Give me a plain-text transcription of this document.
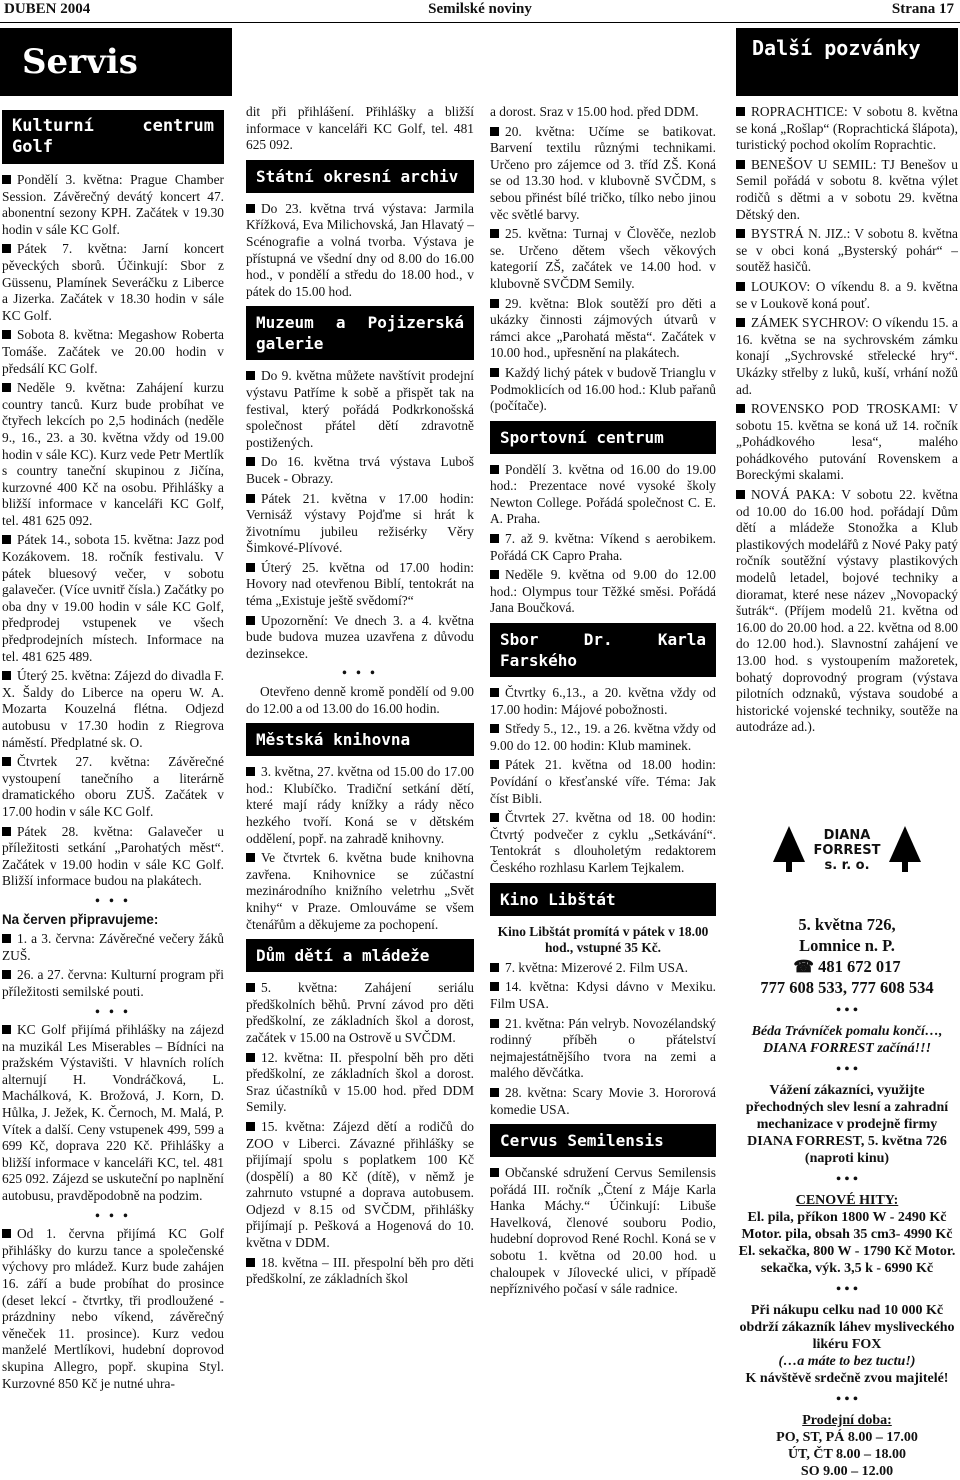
DUBEN 2004	Semilské noviny	Strana 17
Servis	Další pozvánky
Kulturní centrum Golf

Pondělí 3. května: Prague Chamber Session. Závěrečný devátý koncert 47. abonentní sezony KPH. Začátek v 19.30 hodin v sále KC Golf.

Pátek 7. května: Jarní koncert pěveckých sborů. Účinkují: Sbor z Güssenu, Plamínek Severáčku z Liberce a Jizerka. Začátek v 18.30 hodin v sále KC Golf.

Sobota 8. května: Megashow Roberta Tomáše. Začátek ve 20.00 hodin v předsálí KC Golf.

Neděle 9. května: Zahájení kurzu country tanců. Kurz bude probíhat ve čtyřech lekcích po 2,5 hodinách (neděle 9., 16., 23. a 30. května vždy od 19.00 hodin v sále KC). Kurz vede Petr Mertlík s country taneční skupinou z Jičína, kurzovné 400 Kč na osobu. Přihlášky a bližší informace v kanceláři KC Golf, tel. 481 625 092.

Pátek 14., sobota 15. května: Jazz pod Kozákovem. 18. ročník festivalu. V pátek bluesový večer, v sobotu galavečer. (Více uvnitř čísla.) Začátky po oba dny v 19.00 hodin v sále KC Golf, předprodej vstupenek ve všech předprodejních místech. Informace na tel. 481 625 489.

Úterý 25. května: Zájezd do divadla F. X. Šaldy do Liberce na operu W. A. Mozarta Kouzelná flétna. Odjezd autobusu v 17.30 hodin z Riegrova náměstí. Předplatné sk. O.

Čtvrtek 27. května: Závěrečné vystoupení tanečního a literárně dramatického oboru ZUŠ. Začátek v 17.00 hodin v sále KC Golf.

Pátek 28. května: Galavečer u příležitosti setkání „Parohatých měst“. Začátek v 19.00 hodin v sále KC Golf. Bližší informace budou na plakátech.

• • •

Na červen připravujeme:

1. a 3. června: Závěrečné večery žáků ZUŠ.

26. a 27. června: Kulturní program při příležitosti semilské pouti.

• • •

KC Golf přijímá přihlášky na zájezd na muzikál Les Miserables – Bídníci na pražském Výstavišti. V hlavních rolích alternují H. Vondráčková, L. Machálková, K. Brožová, J. Korn, D. Hůlka, J. Ježek, K. Černoch, M. Malá, P. Vítek a další. Ceny vstupenek 499, 599 a 699 Kč, doprava 220 Kč. Přihlášky a bližší informace v kanceláři KC, tel. 481 625 092. Zájezd se uskuteční po naplnění autobusu, pravděpodobně na podzim.

• • •

Od 1. června přijímá KC Golf přihlášky do kurzu tance a společenské výchovy pro mládež. Kurz bude zahájen 16. září a bude probíhat do prosince (deset lekcí - čtvrtky, tři prodloužené - prázdniny nebo víkend, závěrečný věneček 11. prosince). Kurz vedou manželé Mertlíkovi, hudební doprovod skupina Allegro, popř. skupina Styl. Kurzovné 850 Kč je nutné uhra-

dit při přihlášení. Přihlášky a bližší informace v kanceláři KC Golf, tel. 481 625 092.

Státní okresní archiv

Do 23. května trvá výstava: Jarmila Křížková, Eva Milichovská, Jan Hlavatý – Scénografie a volná tvorba. Výstava je přístupná ve všední dny od 8.00 do 16.00 hod., v pondělí a středu do 18.00 hod., v pátek do 15.00 hod.

Muzeum a Pojizerská galerie

Do 9. května můžete navštívit prodejní výstavu Patříme k sobě a přispět tak na festival, který pořádá Podkrkonošská společnost přátel dětí zdravotně postižených.

Do 16. května trvá výstava Luboš Bucek - Obrazy.

Pátek 21. května v 17.00 hodin: Vernisáž výstavy Pojďme si hrát k životnímu jubileu režisérky Věry Šimkové-Plívové.

Úterý 25. května od 17.00 hodin: Hovory nad otevřenou Biblí, tentokrát na téma „Existuje ještě svědomí?“

Upozornění: Ve dnech 3. a 4. května bude budova muzea uzavřena z důvodu dezinsekce.

• • •

Otevřeno denně kromě pondělí od 9.00 do 12.00 a od 13.00 do 16.00 hodin.

Městská knihovna

3. května, 27. května od 15.00 do 17.00 hod.: Klubíčko. Tradiční setkání dětí, které mají rády knížky a rády něco hezkého tvoří. Koná se v dětském oddělení, popř. na zahradě knihovny.

Ve čtvrtek 6. května bude knihovna zavřena. Knihovnice se zúčastní mezinárodního knižního veletrhu „Svět knihy“ v Praze. Omlouváme se všem čtenářům a děkujeme za pochopení.

Dům dětí a mládeže

5. května: Zahájení seriálu předškolních běhů. První závod pro děti předškolní, ze základních škol a dorost, začátek v 15.00 na Ostrově u SVČDM.

12. května: II. přespolní běh pro děti předškolní, ze základních škol a dorost. Sraz účastníků v 15.00 hod. před DDM Semily.

15. května: Zájezd dětí a rodičů do ZOO v Liberci. Závazné přihlášky se přijímají spolu s poplatkem 100 Kč (dospělí) a 80 Kč (dítě), v němž je zahrnuto vstupné a doprava autobusem. Odjezd v 8.15 od SVČDM, přihlášky přijímají p. Pešková a Hogenová do 10. května v DDM.

18. května – III. přespolní běh pro děti předškolní, ze základních škol

a dorost. Sraz v 15.00 hod. před DDM.

20. května: Učíme se batikovat. Barvení textilu různými technikami. Určeno pro zájemce od 3. tříd ZŠ. Koná se od 13.30 hod. v klubovně SVČDM, s sebou přinést bílé tričko, tílko nebo jinou věc světlé barvy.

25. května: Turnaj v Člověče, nezlob se. Určeno dětem všech věkových kategorií ZŠ, začátek ve 14.00 hod. v klubovně SVČDM Semily.

29. května: Blok soutěží pro děti a ukázky činnosti zájmových útvarů v rámci akce „Parohatá města“. Začátek v 10.00 hod., upřesnění na plakátech.

Každý lichý pátek v budově Trianglu v Podmoklicích od 16.00 hod.: Klub pařanů (počítače).

Sportovní centrum

Pondělí 3. května od 16.00 do 19.00 hod.: Prezentace nové vysoké školy Newton College. Pořádá společnost C. E. A. Praha.

7. až 9. května: Víkend s aerobikem. Pořádá CK Capro Praha.

Neděle 9. května od 9.00 do 12.00 hod.: Olympus tour Těžké směsi. Pořádá Jana Boučková.

Sbor Dr. Karla Farského

Čtvrtky 6.,13., a 20. května vždy od 17.00 hodin: Májové pobožnosti.

Středy 5., 12., 19. a 26. května vždy od 9.00 do 12. 00 hodin: Klub maminek.

Pátek 21. května od 18.00 hodin: Povídání o křesťanské víře. Téma: Jak číst Bibli.

Čtvrtek 27. května od 18. 00 hodin: Čtvrtý podvečer z cyklu „Setkávání“. Tentokrát s dlouholetým redaktorem Českého rozhlasu Karlem Tejkalem.

Kino Libštát

Kino Libštát promítá v pátek v 18.00 hod., vstupné 35 Kč.

7. května: Mizerové 2. Film USA.

14. května: Kdysi dávno v Mexiku. Film USA.

21. května: Pán velryb. Novozélandský rodinný příběh o přátelství nejmajestátnějšího tvora na zemi a malého děvčátka.

28. května: Scary Movie 3. Hororová komedie USA.

Cervus Semilensis

Občanské sdružení Cervus Semilensis pořádá III. ročník „Čtení z Máje Karla Hanka Máchy.“ Účinkují: Libuše Havelková, členové souboru Podio, hudební doprovod René Rochl. Koná se v sobotu 1. května od 20.00 hod. u chaloupek v Jílovecké ulici, v případě nepříznivého počasí v sále radnice.

ROPRACHTICE: V sobotu 8. května se koná „Rošlap“ (Roprachtická šlápota), turistický pochod okolím Roprachtic.

BENEŠOV U SEMIL: TJ Benešov u Semil pořádá v sobotu 8. května výlet rodičů s dětmi a v sobotu 29. května Dětský den.

BYSTRÁ N. JIZ.: V sobotu 8. května se v obci koná „Bysterský pohár“ – soutěž hasičů.

LOUKOV: O víkendu 8. a 9. května se v Loukově koná pouť.

ZÁMEK SYCHROV: O víkendu 15. a 16. května se na sychrovském zámku konají „Sychrovské střelecké hry“. Ukázky střelby z luků, kuší, vrhání nožů ad.

ROVENSKO POD TROSKAMI: V sobotu 15. května se koná už 14. ročník „Pohádkového lesa“, malého pohádkového putování Rovenskem a Boreckými skalami.

NOVÁ PAKA: V sobotu 22. května od 10.00 do 16.00 hod. pořádají Dům dětí a mládeže Stonožka a Klub plastikových modelářů z Nové Paky patý ročník soutěžní výstavy plastikových modelů letadel, bojové techniky a dioramat, které nese název „Novopacký šutrák“. (Příjem modelů 21. května od 16.00 do 20.00 hod. a 22. května od 8.00 do 12.00 hod.). Slavnostní zahájení ve 13.00 hod. s vystoupením mažoretek, bohatý doprovodný program (výstava pilotních odznaků, výstava soudobé a historické vojenské techniky, soutěže na autodráze ad.).

DIANA
FORREST
s. r. o.
5. května 726,
Lomnice n. P.
☎ 481 672 017
777 608 533, 777 608 534
• • •
Béda Trávníček pomalu končí…, DIANA FORREST začíná!!!
• • •
Vážení zákazníci, využijte přechodných slev lesní a zahradní mechanizace v prodejně firmy DIANA FORREST, 5. května 726 (naproti kinu)
• • •
CENOVÉ HITY:
El. pila, příkon 1800 W - 2490 Kč Motor. pila, obsah 35 cm3- 4990 Kč El. sekačka, 800 W - 1790 Kč Motor. sekačka, výk. 3,5 k - 6990 Kč
• • •
Při nákupu celku nad 10 000 Kč obdrží zákazník láhev mysliveckého likéru FOX
(…a máte to bez tuctu!)
K návštěvě srdečně zvou majitelé!
• • •
Prodejní doba:
PO, ST, PÁ 8.00 – 17.00
ÚT, ČT 8.00 – 18.00
SO 9.00 – 12.00
